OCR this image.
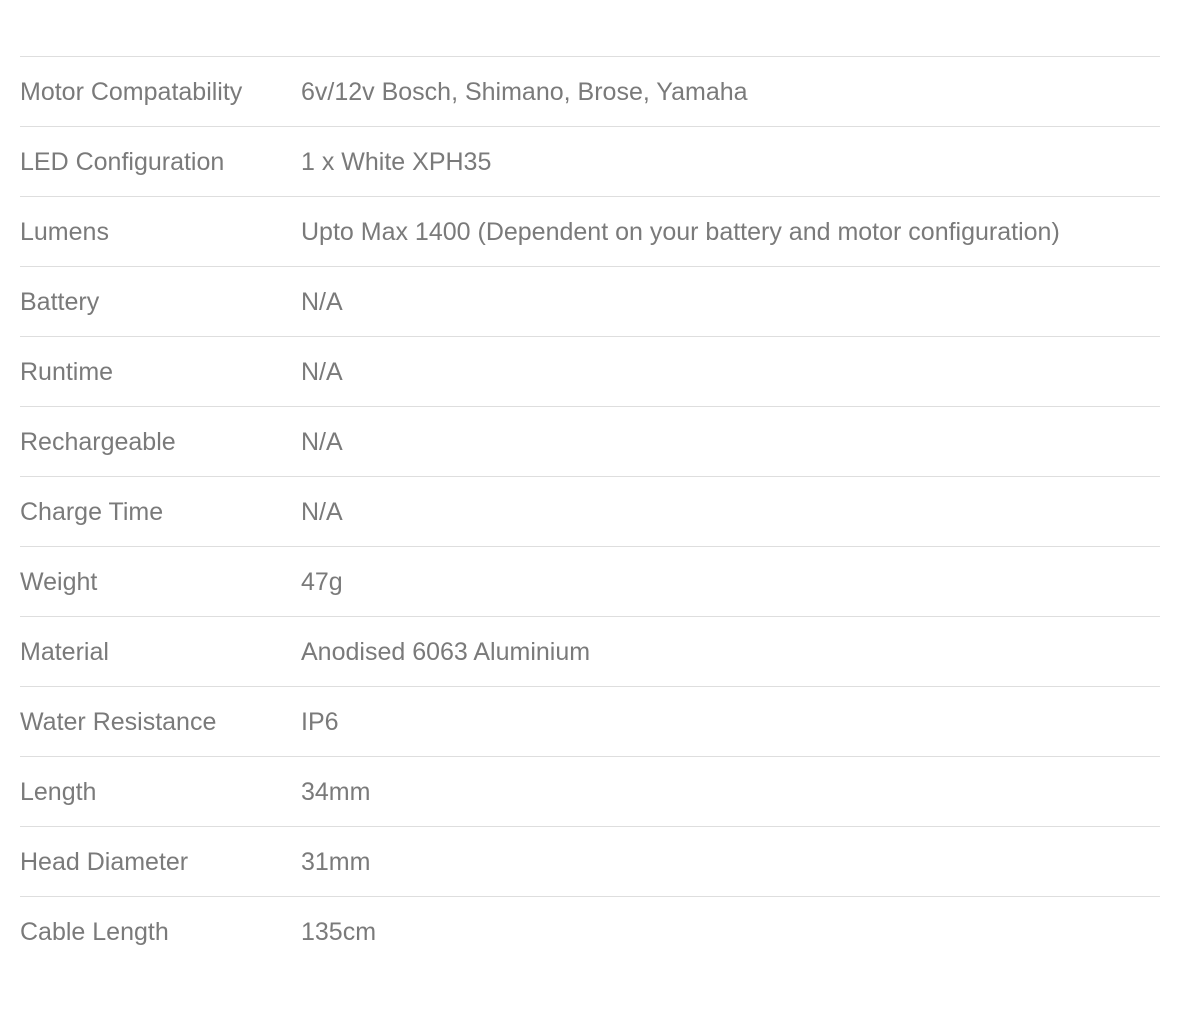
Motor Compatability	6v/12v Bosch, Shimano, Brose, Yamaha
LED Configuration	1 x White XPH35
Lumens	Upto Max 1400 (Dependent on your battery and motor configuration)
Battery	N/A
Runtime	N/A
Rechargeable	N/A
Charge Time	N/A
Weight	47g
Material	Anodised 6063 Aluminium
Water Resistance	IP6
Length	34mm
Head Diameter	31mm
Cable Length	135cm
